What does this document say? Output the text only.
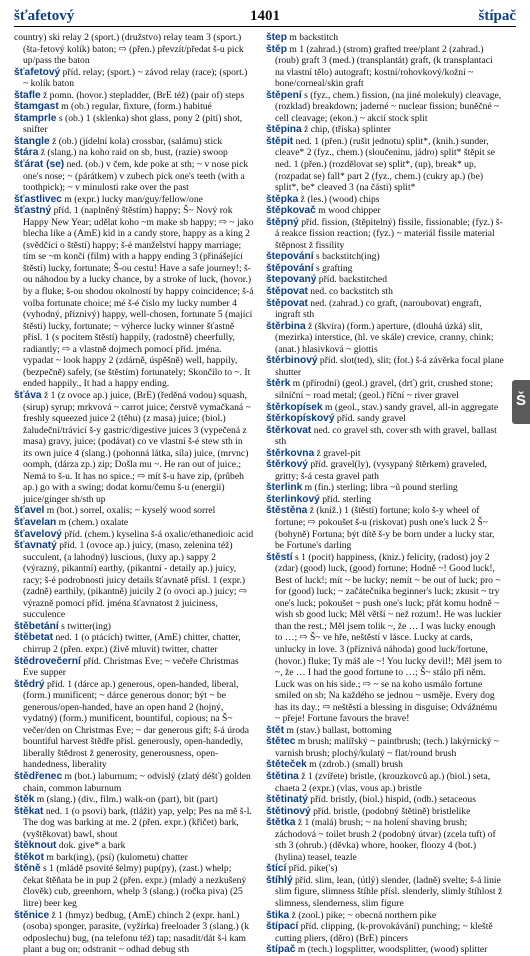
šťafetový	1401	štípač

country) ski relay 2 (sport.) (družstvo) relay team 3 (sport.) (šta-fetový kolík) baton; ⇨ (přen.) převzít/předat š-u pick up/pass the baton

šťafetový příd. relay; (sport.) ~ závod relay (race); (sport.) ~ kolík baton

štafle ž pomn. (hovor.) stepladder, (BrE též) (pair of) steps

štamgast m (ob.) regular, fixture, (form.) habitué

štamprle s (ob.) 1 (sklenka) shot glass, pony 2 (pití) shot, snifter

štangle ž (ob.) (jídelní kola) crossbar, (salámu) stick

štára ž (slang.) na koho raid on sb, bust, (razie) swoop

šťárat (se) ned. (ob.) v čem, kde poke at sth; ~ v nose pick one's nose; ~ (párátkem) v zubech pick one's teeth (with a toothpick); ~ v minulosti rake over the past

šťastlivec m (expr.) lucky man/guy/fellow/one

šťastný příd. 1 (naplněný štěstím) happy; Š~ Nový rok Happy New Year; udělat koho ~m make sb happy; ⇨ ~ jako blecha like a (AmE) kid in a candy store, happy as a king 2 (svědčící o štěstí) happy; š-é manželství happy marriage; tím se ~m končí (film) with a happy ending 3 (přinášející štěstí) lucky, fortunate; Š-ou cestu! Have a safe journey!; š-ou náhodou by a lucky chance, by a stroke of luck, (hovor.) by a fluke; š-ou shodou okolností by happy coincidence; š-á volba fortunate choice; mé š-é číslo my lucky number 4 (vyhodný, příznivý) happy, well-chosen, fortunate 5 (mající štěstí) lucky, fortunate; ~ výherce lucky winner šťastně přísl. 1 (s pocitem štěstí) happily, (radostně) cheerfully, radiantly; ⇨ a vlastně dojmech pomocí příd. jména. vypadat ~ look happy 2 (zdárně, úspěšně) well, happily, (bezpečně) safely, (se štěstím) fortunately; Skončilo to ~. It ended happily., It had a happy ending.

šťáva ž 1 (z ovoce ap.) juice, (BrE) (ředěná vodou) squash, (sirup) syrup; mrkvová ~ carrot juice; čerstvě vymačkaná ~ freshly squeezed juice 2 (těhu) (z masa) juice; (biol.) žaludeční/trávicí š-y gastric/digestive juices 3 (vypečená z masa) gravy, juice; (podávat) co ve vlastní š-é stew sth in its own juice 4 (slang.) (pohonná látka, síla) juice, (mrvnc) oomph, (dárza zp.) zip; Došla mu ~. He ran out of juice.; Nemá to š-u. It has no spice.; ⇨ mít š-u have zip, (průbeh ap.) go with a swing; dodat komu/čemu š-u (energii) juice/ginger sh/sth up

šťavel m (bot.) sorrel, oxalis; ~ kyselý wood sorrel

šťavelan m (chem.) oxalate

šťavelový příd. (chem.) kyselina š-á oxalic/ethanedioic acid

šťavnatý příd. 1 (ovoce ap.) juicy, (maso, zelenina též) succulent, (a lahodný) luscious, (luxy ap.) sappy 2 (výrazný, pikantní) earthy, (pikantní - detaily ap.) juicy, racy; š-é podrobnosti juicy details šťavnatě přísl. 1 (expr.) (zadně) earthily, (pikantně) juicily 2 (o ovoci ap.) juicy; ⇨ výrazně pomocí příd. jména šťavnatost ž juiciness, succulence

štěbetání s twitter(ing)

štěbetat ned. 1 (o ptácích) twitter, (AmE) chitter, chatter, chirrup 2 (přen. expr.) (živě mluvit) twitter, chatter

štědrovečerní příd. Christmas Eve; ~ večeře Christmas Eve supper

štědrý příd. 1 (dárce ap.) generous, open-handed, liberal, (form.) munificent; ~ dárce generous donor; být ~ be generous/open-handed, have an open hand 2 (hojný, vydatný) (form.) munificent, bountiful, copious; na Š~ večer/den on Christmas Eve; ~ dar generous gift; š-á úroda bountiful harvest štědře přísl. generously, open-handedly, liberally štědrost ž generosity, generousness, open-handedness, liberality

štědřenec m (bot.) laburnum; ~ odvislý (zlatý déšť) golden chain, common laburnum

štěk m (slang.) (div., film.) walk-on (part), bit (part)

štěkat ned. 1 (o psovi) bark, (tlážit) yap, yelp; Pes na mě š-l. The dog was barking at me. 2 (přen. expr.) (křičet) bark, (vyštěkovat) bawl, shout

štěknout dok. give* a bark

štěkot m bark(ing), (psí) (kulometu) chatter

štěně s 1 (mládě psovité šelmy) pup(py), (zast.) whelp; čekat štěňata be in pup 2 (přen. expr.) (mladý a nezkušený člověk) cub, greenhorn, whelp 3 (slang.) (ročka piva) (25 litre) beer keg

štěnice ž 1 (hmyz) bedbug, (AmE) chinch 2 (expr. hanl.) (osoba) sponger, parasite, (vyžírka) freeloader 3 (slang.) (k odposlechu) bug, (na telefonu též) tap; nasadit/dát š-i kam plant a bug on; odstranit ~ odhad debug sth

štep m backstitch

štěp m 1 (zahrad.) (strom) grafted tree/plant 2 (zahrad.) (roub) graft 3 (med.) (transplantát) graft, (k transplantaci na vlastní tělo) autograft; kostní/rohovkový/kožní ~ bone/corneal/skin graft

štěpení s (fyz., chem.) fission, (na jiné molekuly) cleavage, (rozklad) breakdown; jaderné ~ nuclear fission; buněčné ~ cell cleavage; (ekon.) ~ akcií stock split

štěpina ž chip, (tříska) splinter

štěpit ned. 1 (přen.) (rušit jednotu) split*, (knih.) sunder, cleave* 2 (fyz., chem.) (sloučeninu, jádro) split* štěpit se ned. 1 (přen.) (rozdělovat se) split*, (up), break* up, (rozpadat se) fall* part 2 (fyz., chem.) (cukry ap.) (be) split*, be* cleaved 3 (na části) split*

štěpka ž (les.) (wood) chips

štěpkovač m wood chipper

štěpný příd. fission, (štěpitelný) fissile, fissionable; (fyz.) š-á reakce fission reaction; (fyz.) ~ materiál fissile material štěpnost ž fissility

štepování s backstitch(ing)

štěpování s grafting

štepovaný příd. backstitched

štěpovat ned. co backstitch sth

štěpovat ned. (zahrad.) co graft, (naroubovat) engraft, ingraft sth

štěrbina ž (škvíra) (form.) aperture, (dlouhá úzká) slit,(mezirka) interstice, (hl. ve skále) crevice, cranny, chink; (anat.) hlasivková ~ glottis

štěrbinový příd. slot(ted), slit; (fot.) š-á závěrka focal plane shutter

štěrk m (přírodní) (geol.) gravel, (drť) grit, crushed stone; silniční ~ road metal; (geol.) říční ~ river gravel

štěrkopísek m (geol., stav.) sandy gravel, all-in aggregate

štěrkopískový příd. sandy gravel

štěrkovat ned. co gravel sth, cover sth with gravel, ballast sth

štěrkovna ž gravel-pit

štěrkový příd. gravel(ly), (vysypaný štěrkem) graveled, gritty; š-á cesta gravel path

šterlink m (fin.) sterling; libra ~ů pound sterling

šterlinkový příd. sterling

štěstěna ž (kniž.) 1 (štěstí) fortune; kolo š-y wheel of fortune; ⇨ pokoušet š-u (riskovat) push one's luck 2 Š~ (bohyně) Fortuna; být dítě š-y be born under a lucky star, be Fortune's darling

štěstí s 1 (pocit) happiness, (kniz.) felicity, (radost) joy 2 (zdar) (good) luck, (good) fortune; Hodně ~! Good luck!, Best of luck!; mít ~ be lucky; nemít ~ be out of luck; pro ~ for (good) luck; ~ začátečníka beginner's luck; zkusit ~ try one's luck; pokoušet ~ push one's luck; přát komu hodně ~ wish sb good luck; Měl větší ~ než rozum!. He was luckier than the rest.; Měl jsem tolik ~, že … I was lucky enough to …; ⇨ Š~ ve hře, neštěstí v lásce. Lucky at cards, unlucky in love. 3 (příznivá náhoda) good luck/fortune, (hovor.) fluke; Ty máš ale ~! You lucky devil!; Měl jsem to ~, že … I had the good fortune to …; Š~ stálo při něm. Luck was on his side.; ⇨ ~ se na koho usmálo fortune smiled on sb; Na každého se jednou ~ usměje. Every dog has its day.; ⇨ neštěstí a blessing in disguise; Odvážnému ~ přeje! Fortune favours the brave!

štět m (stav.) ballast, bottoming

štětec m brush; malířský ~ paintbrush; (tech.) lakýrnický ~ varnish brush; plochý/kulatý ~ flat/round brush

štěteček m (zdrob.) (small) brush

štětina ž 1 (zvířete) bristle, (krouzkovců ap.) (biol.) seta, chaeta 2 (expr.) (vlas, vous ap.) bristle

štětinatý příd. bristly, (biol.) hispid, (odb.) setaceous

štětinový příd. bristle, (podobný štětině) bristlelike

štětka ž 1 (malá) brush; ~ na holení shaving brush; záchodová ~ toilet brush 2 (podobný útvar) (zcela tuft) of sth 3 (ohrub.) (děvka) whore, hooker, floozy 4 (bot.) (hylina) teasel, teazle

štící příd. pike('s)

štíhlý příd. slim, lean, (útlý) slender, (ladně) svelte; š-á linie slim figure, slimness štíhle přísl. slenderly, slimly štíhlost ž slimness, slenderness, slim figure

štika ž (zool.) pike; ~ obecná northern pike

štípací příd. clipping, (k-provokávání) punching; ~ kleště cutting pliers, (děro) (BrE) pincers

štípač m (tech.) logsplitter, woodsplitter, (wood) splitter

Š
